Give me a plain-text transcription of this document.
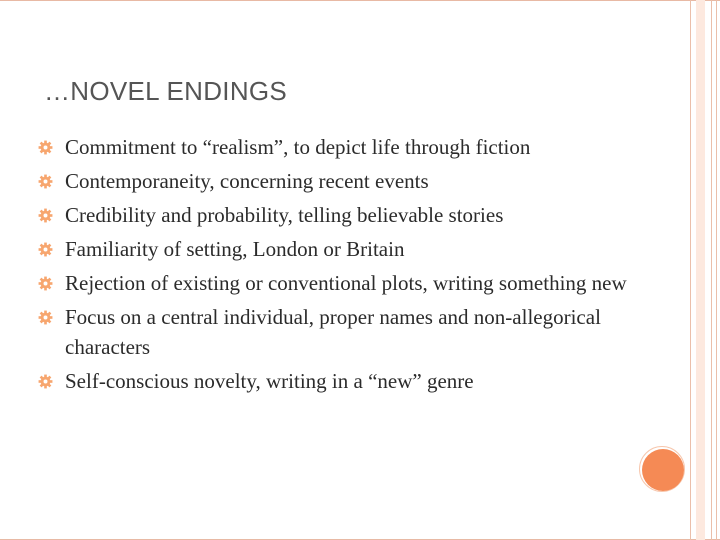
…NOVEL ENDINGS
Commitment to “realism”, to depict life through fiction
Contemporaneity, concerning recent events
Credibility and probability, telling believable stories
Familiarity of setting, London or Britain
Rejection of existing or conventional plots, writing something new
Focus on a central individual, proper names and non-allegorical characters
Self-conscious novelty, writing in a “new” genre
